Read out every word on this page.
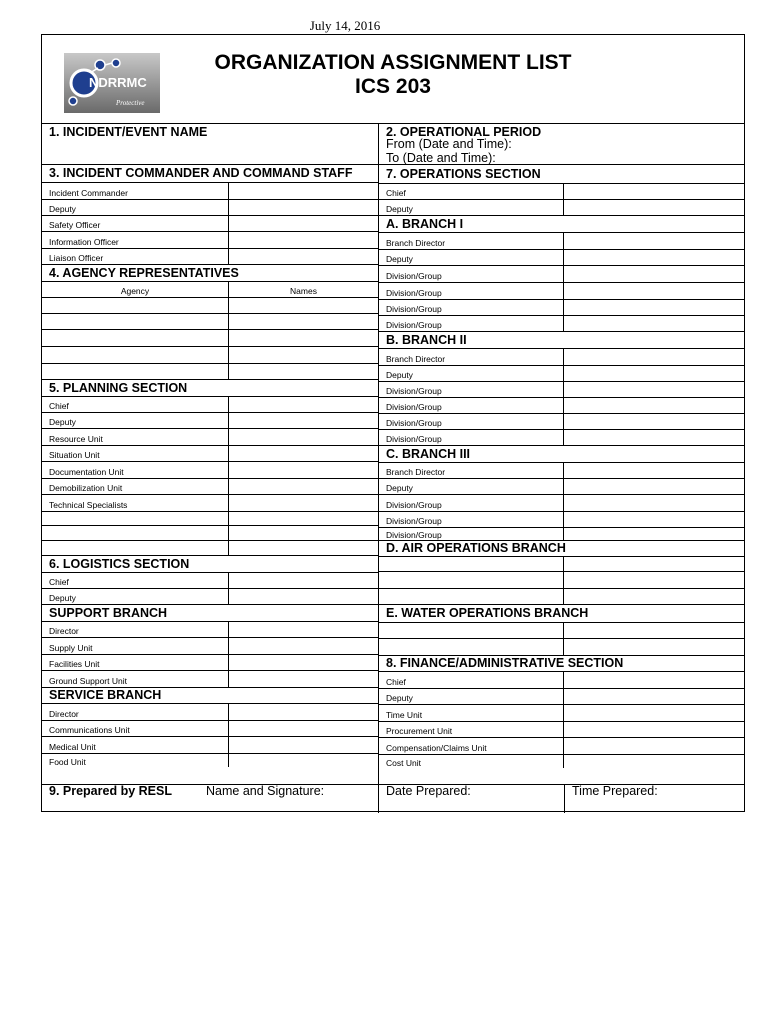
July 14, 2016
NDRRMC
Protective
ORGANIZATION ASSIGNMENT LIST
ICS 203
1. INCIDENT/EVENT NAME
3. INCIDENT COMMANDER AND COMMAND STAFF
Incident Commander
Deputy
Safety Officer
Information Officer
Liaison Officer
4. AGENCY REPRESENTATIVES
Agency	Names
5. PLANNING SECTION
Chief
Deputy
Resource Unit
Situation Unit
Documentation Unit
Demobilization Unit
Technical Specialists
6. LOGISTICS SECTION
Chief
Deputy
SUPPORT BRANCH
Director
Supply Unit
Facilities Unit
Ground Support Unit
SERVICE BRANCH
Director
Communications Unit
Medical Unit
Food Unit
2. OPERATIONAL PERIOD
From (Date and Time):
To (Date and Time):
7. OPERATIONS SECTION
Chief
Deputy
A. BRANCH I
Branch Director
Deputy
Division/Group
Division/Group
Division/Group
Division/Group
B. BRANCH II
Branch Director
Deputy
Division/Group
Division/Group
Division/Group
Division/Group
C. BRANCH III
Branch Director
Deputy
Division/Group
Division/Group
Division/Group
D. AIR OPERATIONS BRANCH
E. WATER OPERATIONS BRANCH
8. FINANCE/ADMINISTRATIVE SECTION
Chief
Deputy
Time Unit
Procurement Unit
Compensation/Claims Unit
Cost Unit
9. Prepared by RESL	Name and Signature:	Date Prepared:	Time Prepared:
